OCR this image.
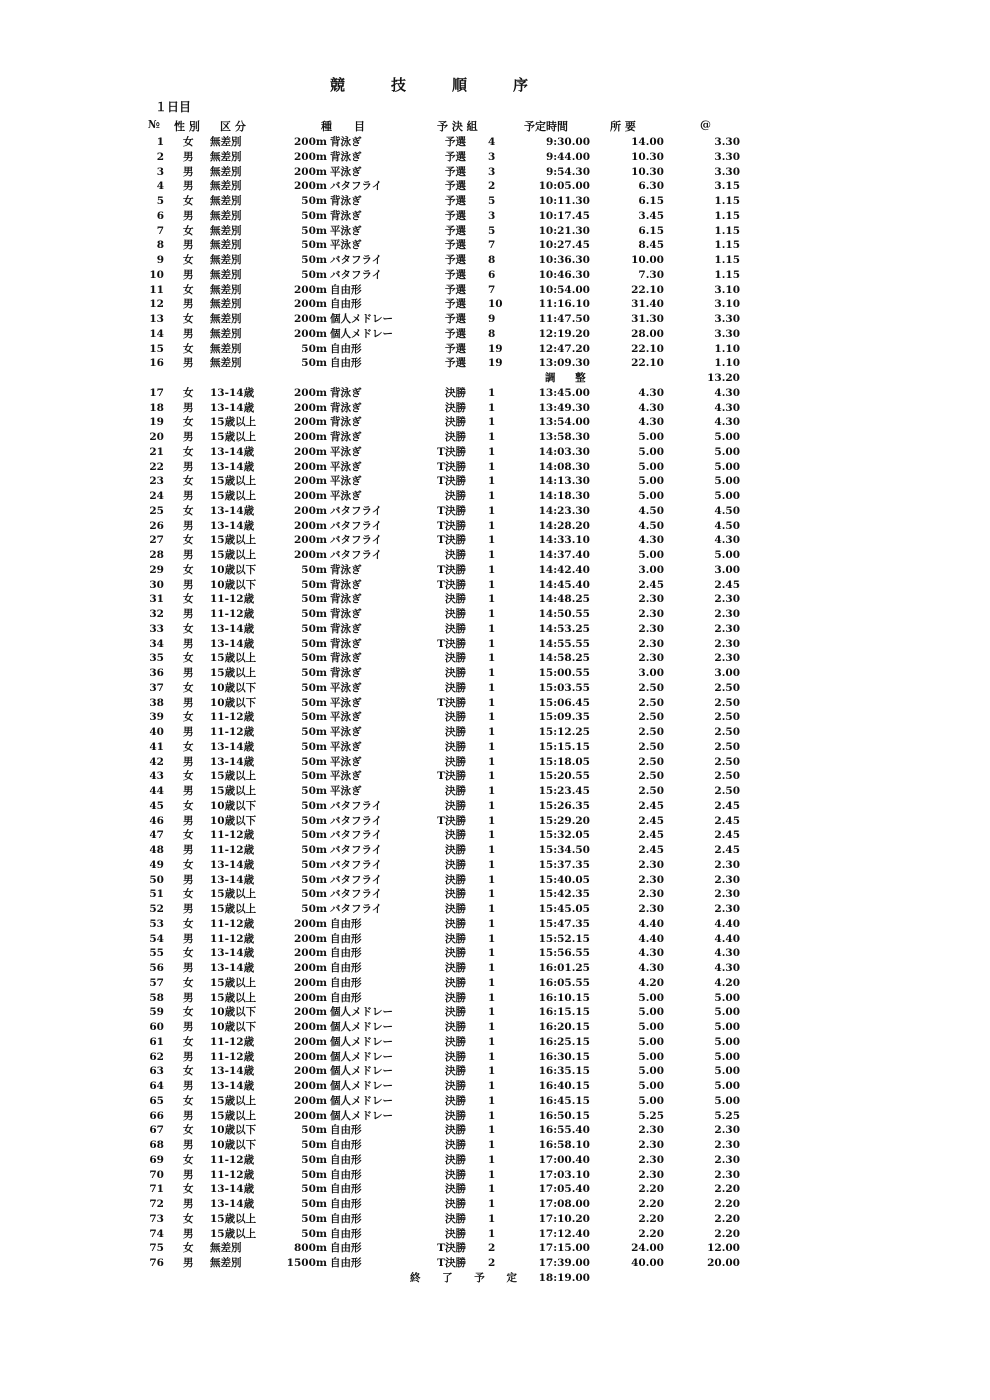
競	技	順	序
１日目
№ 性 別 区 分	種　　目	予 決 組	予定時間	所 要	@
1 女 無差別	200m 背泳ぎ	予選 4	9:30.00	14.00	3.30
2 男 無差別	200m 背泳ぎ	予選 3	9:44.00	10.30	3.30
3 男 無差別	200m 平泳ぎ	予選 3	9:54.30	10.30	3.30
4 男 無差別	200m バタフライ	予選 2	10:05.00	6.30	3.15
5 女 無差別	50m 背泳ぎ	予選 5	10:11.30	6.15	1.15
6 男 無差別	50m 背泳ぎ	予選 3	10:17.45	3.45	1.15
7 女 無差別	50m 平泳ぎ	予選 5	10:21.30	6.15	1.15
8 男 無差別	50m 平泳ぎ	予選 7	10:27.45	8.45	1.15
9 女 無差別	50m バタフライ	予選 8	10:36.30	10.00	1.15
10 男 無差別	50m バタフライ	予選 6	10:46.30	7.30	1.15
11 女 無差別	200m 自由形	予選 7	10:54.00	22.10	3.10
12 男 無差別	200m 自由形	予選 10	11:16.10	31.40	3.10
13 女 無差別	200m 個人メドレー	予選 9	11:47.50	31.30	3.30
14 男 無差別	200m 個人メドレー	予選 8	12:19.20	28.00	3.30
15 女 無差別	50m 自由形	予選 19	12:47.20	22.10	1.10
16 男 無差別	50m 自由形	予選 19	13:09.30	22.10	1.10
調 整	13.20
17 女 13-14歳	200m 背泳ぎ	決勝 1	13:45.00	4.30	4.30
18 男 13-14歳	200m 背泳ぎ	決勝 1	13:49.30	4.30	4.30
19 女 15歳以上	200m 背泳ぎ	決勝 1	13:54.00	4.30	4.30
20 男 15歳以上	200m 背泳ぎ	決勝 1	13:58.30	5.00	5.00
21 女 13-14歳	200m 平泳ぎ	T決勝 1	14:03.30	5.00	5.00
22 男 13-14歳	200m 平泳ぎ	T決勝 1	14:08.30	5.00	5.00
23 女 15歳以上	200m 平泳ぎ	T決勝 1	14:13.30	5.00	5.00
24 男 15歳以上	200m 平泳ぎ	決勝 1	14:18.30	5.00	5.00
25 女 13-14歳	200m バタフライ	T決勝 1	14:23.30	4.50	4.50
26 男 13-14歳	200m バタフライ	T決勝 1	14:28.20	4.50	4.50
27 女 15歳以上	200m バタフライ	T決勝 1	14:33.10	4.30	4.30
28 男 15歳以上	200m バタフライ	決勝 1	14:37.40	5.00	5.00
29 女 10歳以下	50m 背泳ぎ	T決勝 1	14:42.40	3.00	3.00
30 男 10歳以下	50m 背泳ぎ	T決勝 1	14:45.40	2.45	2.45
31 女 11-12歳	50m 背泳ぎ	決勝 1	14:48.25	2.30	2.30
32 男 11-12歳	50m 背泳ぎ	決勝 1	14:50.55	2.30	2.30
33 女 13-14歳	50m 背泳ぎ	決勝 1	14:53.25	2.30	2.30
34 男 13-14歳	50m 背泳ぎ	T決勝 1	14:55.55	2.30	2.30
35 女 15歳以上	50m 背泳ぎ	決勝 1	14:58.25	2.30	2.30
36 男 15歳以上	50m 背泳ぎ	決勝 1	15:00.55	3.00	3.00
37 女 10歳以下	50m 平泳ぎ	決勝 1	15:03.55	2.50	2.50
38 男 10歳以下	50m 平泳ぎ	T決勝 1	15:06.45	2.50	2.50
39 女 11-12歳	50m 平泳ぎ	決勝 1	15:09.35	2.50	2.50
40 男 11-12歳	50m 平泳ぎ	決勝 1	15:12.25	2.50	2.50
41 女 13-14歳	50m 平泳ぎ	決勝 1	15:15.15	2.50	2.50
42 男 13-14歳	50m 平泳ぎ	決勝 1	15:18.05	2.50	2.50
43 女 15歳以上	50m 平泳ぎ	T決勝 1	15:20.55	2.50	2.50
44 男 15歳以上	50m 平泳ぎ	決勝 1	15:23.45	2.50	2.50
45 女 10歳以下	50m バタフライ	決勝 1	15:26.35	2.45	2.45
46 男 10歳以下	50m バタフライ	T決勝 1	15:29.20	2.45	2.45
47 女 11-12歳	50m バタフライ	決勝 1	15:32.05	2.45	2.45
48 男 11-12歳	50m バタフライ	決勝 1	15:34.50	2.45	2.45
49 女 13-14歳	50m バタフライ	決勝 1	15:37.35	2.30	2.30
50 男 13-14歳	50m バタフライ	決勝 1	15:40.05	2.30	2.30
51 女 15歳以上	50m バタフライ	決勝 1	15:42.35	2.30	2.30
52 男 15歳以上	50m バタフライ	決勝 1	15:45.05	2.30	2.30
53 女 11-12歳	200m 自由形	決勝 1	15:47.35	4.40	4.40
54 男 11-12歳	200m 自由形	決勝 1	15:52.15	4.40	4.40
55 女 13-14歳	200m 自由形	決勝 1	15:56.55	4.30	4.30
56 男 13-14歳	200m 自由形	決勝 1	16:01.25	4.30	4.30
57 女 15歳以上	200m 自由形	決勝 1	16:05.55	4.20	4.20
58 男 15歳以上	200m 自由形	決勝 1	16:10.15	5.00	5.00
59 女 10歳以下	200m 個人メドレー	決勝 1	16:15.15	5.00	5.00
60 男 10歳以下	200m 個人メドレー	決勝 1	16:20.15	5.00	5.00
61 女 11-12歳	200m 個人メドレー	決勝 1	16:25.15	5.00	5.00
62 男 11-12歳	200m 個人メドレー	決勝 1	16:30.15	5.00	5.00
63 女 13-14歳	200m 個人メドレー	決勝 1	16:35.15	5.00	5.00
64 男 13-14歳	200m 個人メドレー	決勝 1	16:40.15	5.00	5.00
65 女 15歳以上	200m 個人メドレー	決勝 1	16:45.15	5.00	5.00
66 男 15歳以上	200m 個人メドレー	決勝 1	16:50.15	5.25	5.25
67 女 10歳以下	50m 自由形	決勝 1	16:55.40	2.30	2.30
68 男 10歳以下	50m 自由形	決勝 1	16:58.10	2.30	2.30
69 女 11-12歳	50m 自由形	決勝 1	17:00.40	2.30	2.30
70 男 11-12歳	50m 自由形	決勝 1	17:03.10	2.30	2.30
71 女 13-14歳	50m 自由形	決勝 1	17:05.40	2.20	2.20
72 男 13-14歳	50m 自由形	決勝 1	17:08.00	2.20	2.20
73 女 15歳以上	50m 自由形	決勝 1	17:10.20	2.20	2.20
74 男 15歳以上	50m 自由形	決勝 1	17:12.40	2.20	2.20
75 女 無差別	800m 自由形	T決勝 2	17:15.00	24.00	12.00
76 男 無差別	1500m 自由形	T決勝 2	17:39.00	40.00	20.00
終 了 予 定	18:19.00
